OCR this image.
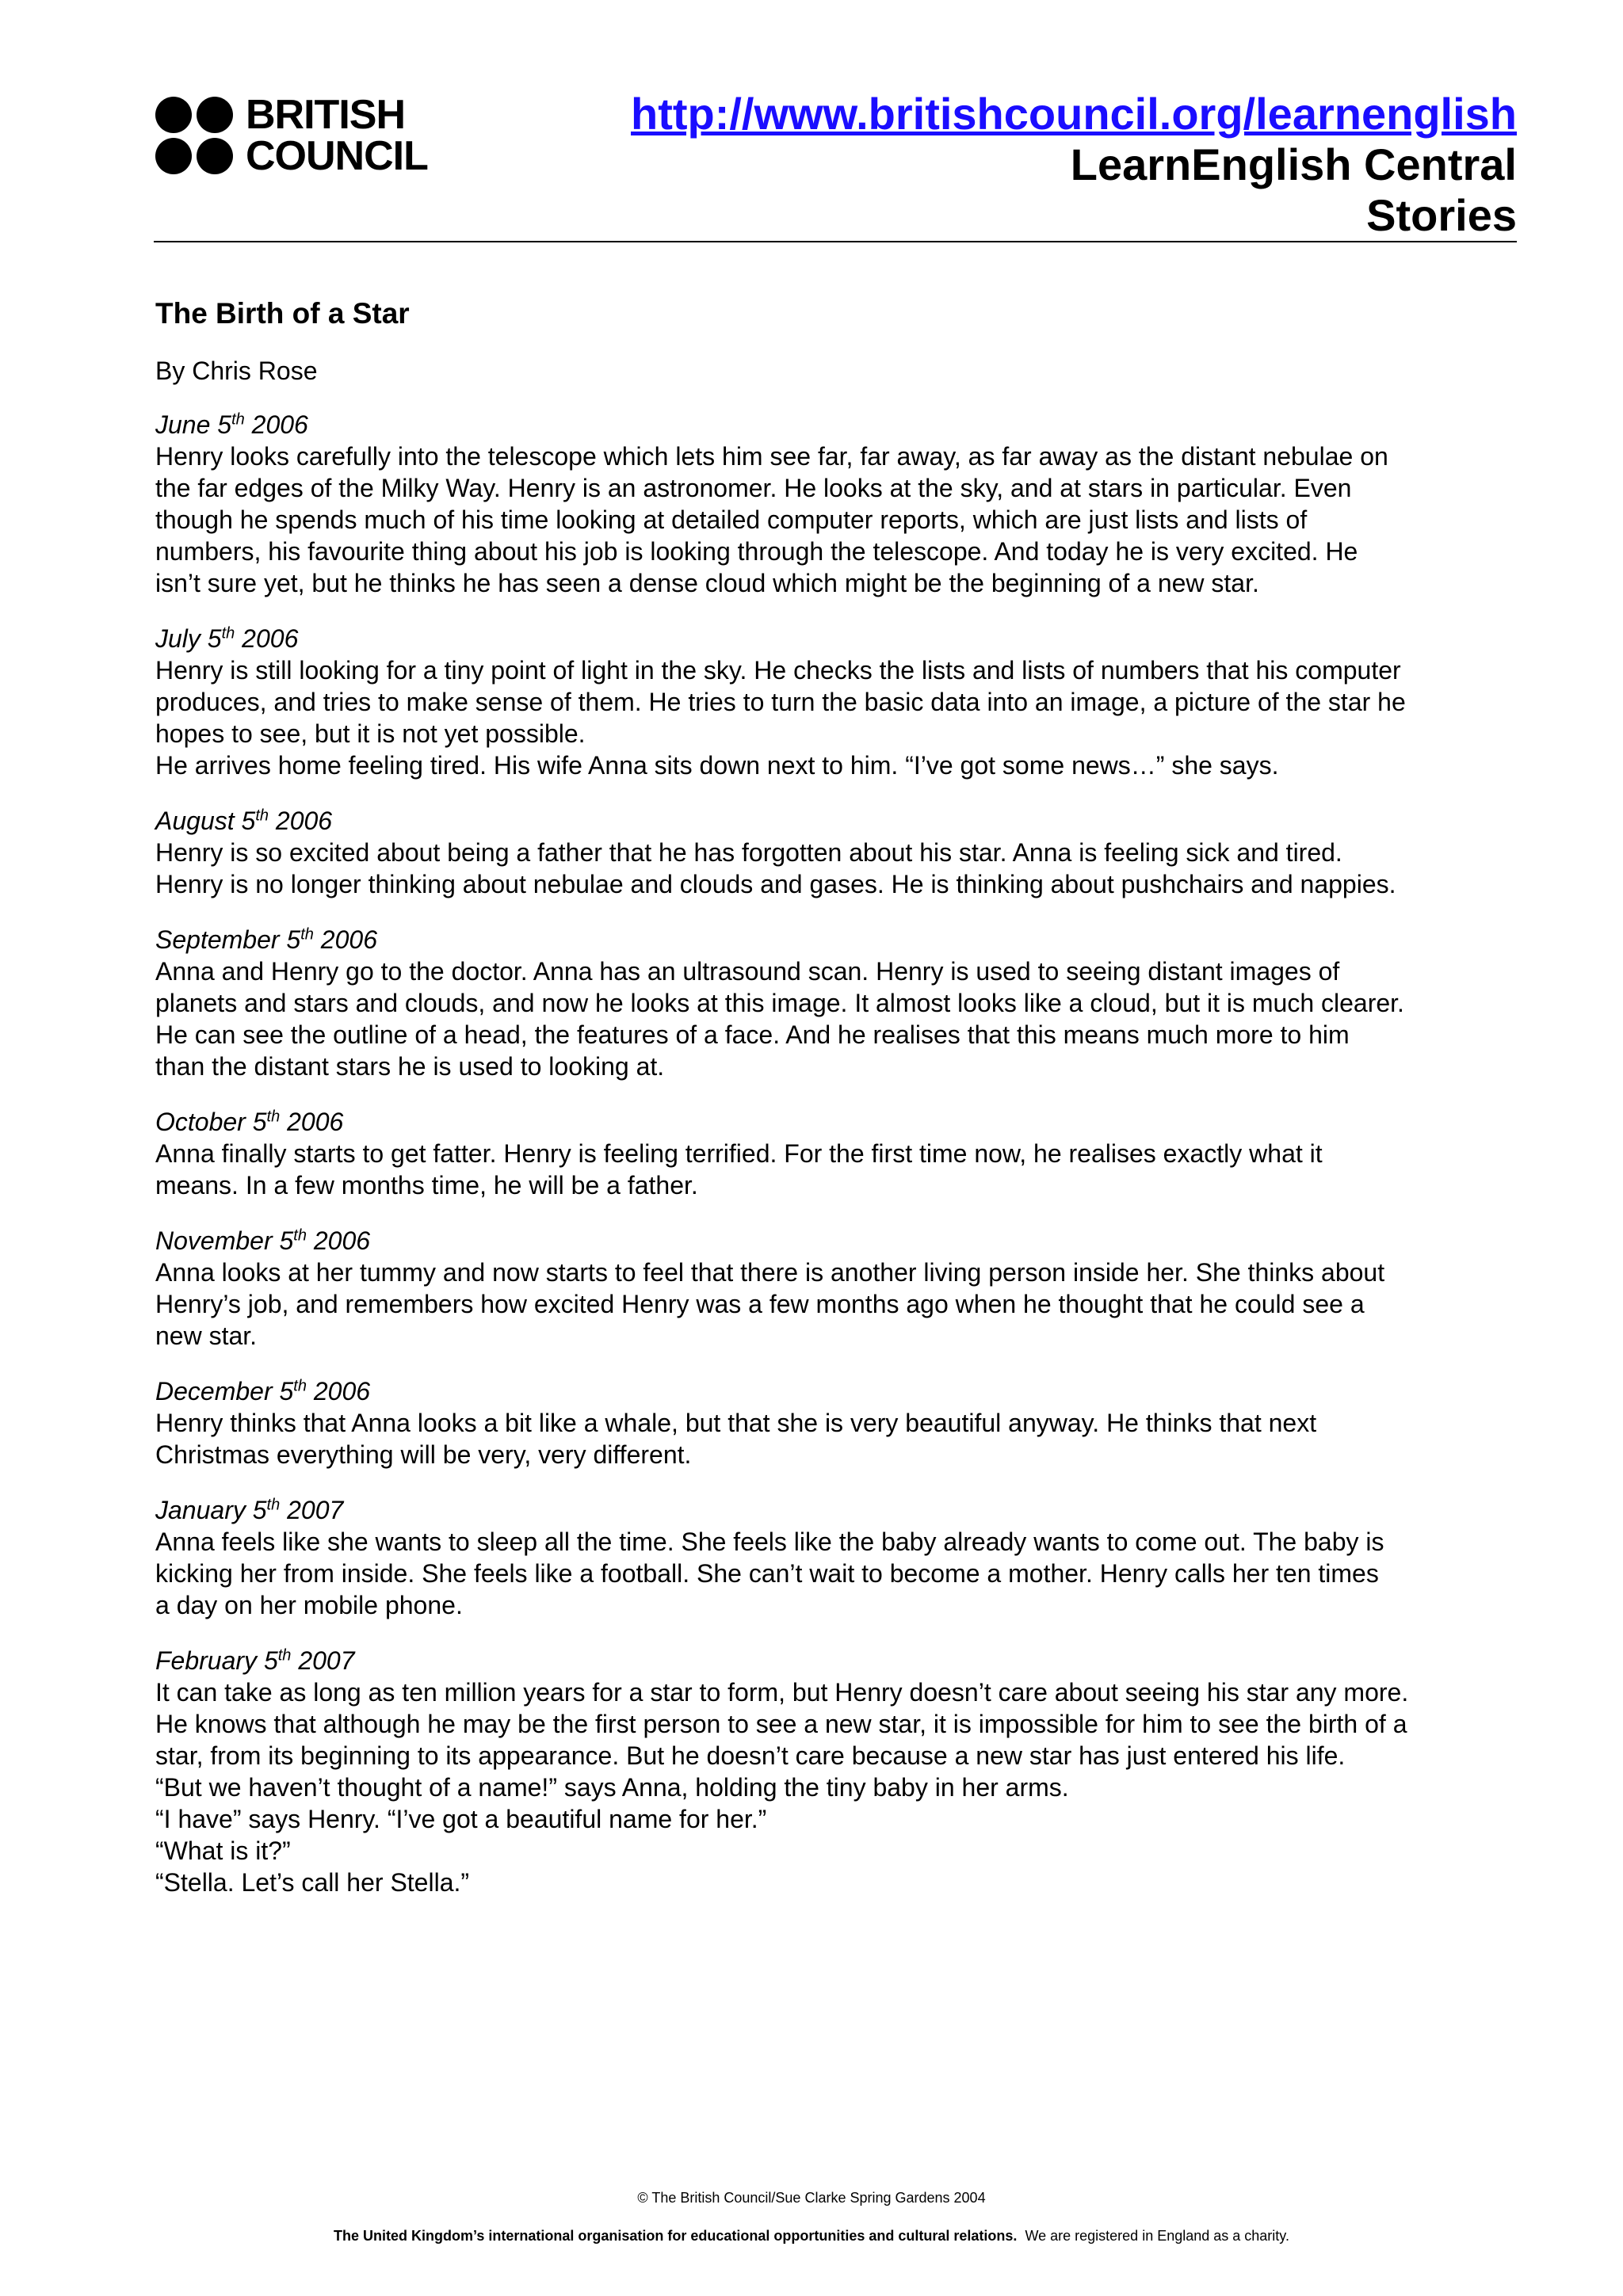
BRITISH
COUNCIL
http://www.britishcouncil.org/learnenglish
LearnEnglish Central
Stories
The Birth of a Star
By Chris Rose
June 5th 2006
Henry looks carefully into the telescope which lets him see far, far away, as far away as the distant nebulae on
the far edges of the Milky Way. Henry is an astronomer. He looks at the sky, and at stars in particular. Even
though he spends much of his time looking at detailed computer reports, which are just lists and lists of
numbers, his favourite thing about his job is looking through the telescope. And today he is very excited. He
isn’t sure yet, but he thinks he has seen a dense cloud which might be the beginning of a new star.
July 5th 2006
Henry is still looking for a tiny point of light in the sky. He checks the lists and lists of numbers that his computer
produces, and tries to make sense of them. He tries to turn the basic data into an image, a picture of the star he
hopes to see, but it is not yet possible.
He arrives home feeling tired. His wife Anna sits down next to him. “I’ve got some news…” she says.
August 5th 2006
Henry is so excited about being a father that he has forgotten about his star. Anna is feeling sick and tired.
Henry is no longer thinking about nebulae and clouds and gases. He is thinking about pushchairs and nappies.
September 5th 2006
Anna and Henry go to the doctor. Anna has an ultrasound scan. Henry is used to seeing distant images of
planets and stars and clouds, and now he looks at this image. It almost looks like a cloud, but it is much clearer.
He can see the outline of a head, the features of a face. And he realises that this means much more to him
than the distant stars he is used to looking at.
October 5th 2006
Anna finally starts to get fatter. Henry is feeling terrified. For the first time now, he realises exactly what it
means. In a few months time, he will be a father.
November 5th 2006
Anna looks at her tummy and now starts to feel that there is another living person inside her. She thinks about
Henry’s job, and remembers how excited Henry was a few months ago when he thought that he could see a
new star.
December 5th 2006
Henry thinks that Anna looks a bit like a whale, but that she is very beautiful anyway. He thinks that next
Christmas everything will be very, very different.
January 5th 2007
Anna feels like she wants to sleep all the time. She feels like the baby already wants to come out. The baby is
kicking her from inside. She feels like a football. She can’t wait to become a mother. Henry calls her ten times
a day on her mobile phone.
February 5th 2007
It can take as long as ten million years for a star to form, but Henry doesn’t care about seeing his star any more.
He knows that although he may be the first person to see a new star, it is impossible for him to see the birth of a
star, from its beginning to its appearance. But he doesn’t care because a new star has just entered his life.
“But we haven’t thought of a name!” says Anna, holding the tiny baby in her arms.
“I have” says Henry. “I’ve got a beautiful name for her.”
“What is it?”
“Stella. Let’s call her Stella.”
© The British Council/Sue Clarke Spring Gardens 2004
The United Kingdom’s international organisation for educational opportunities and cultural relations. We are registered in England as a charity.
